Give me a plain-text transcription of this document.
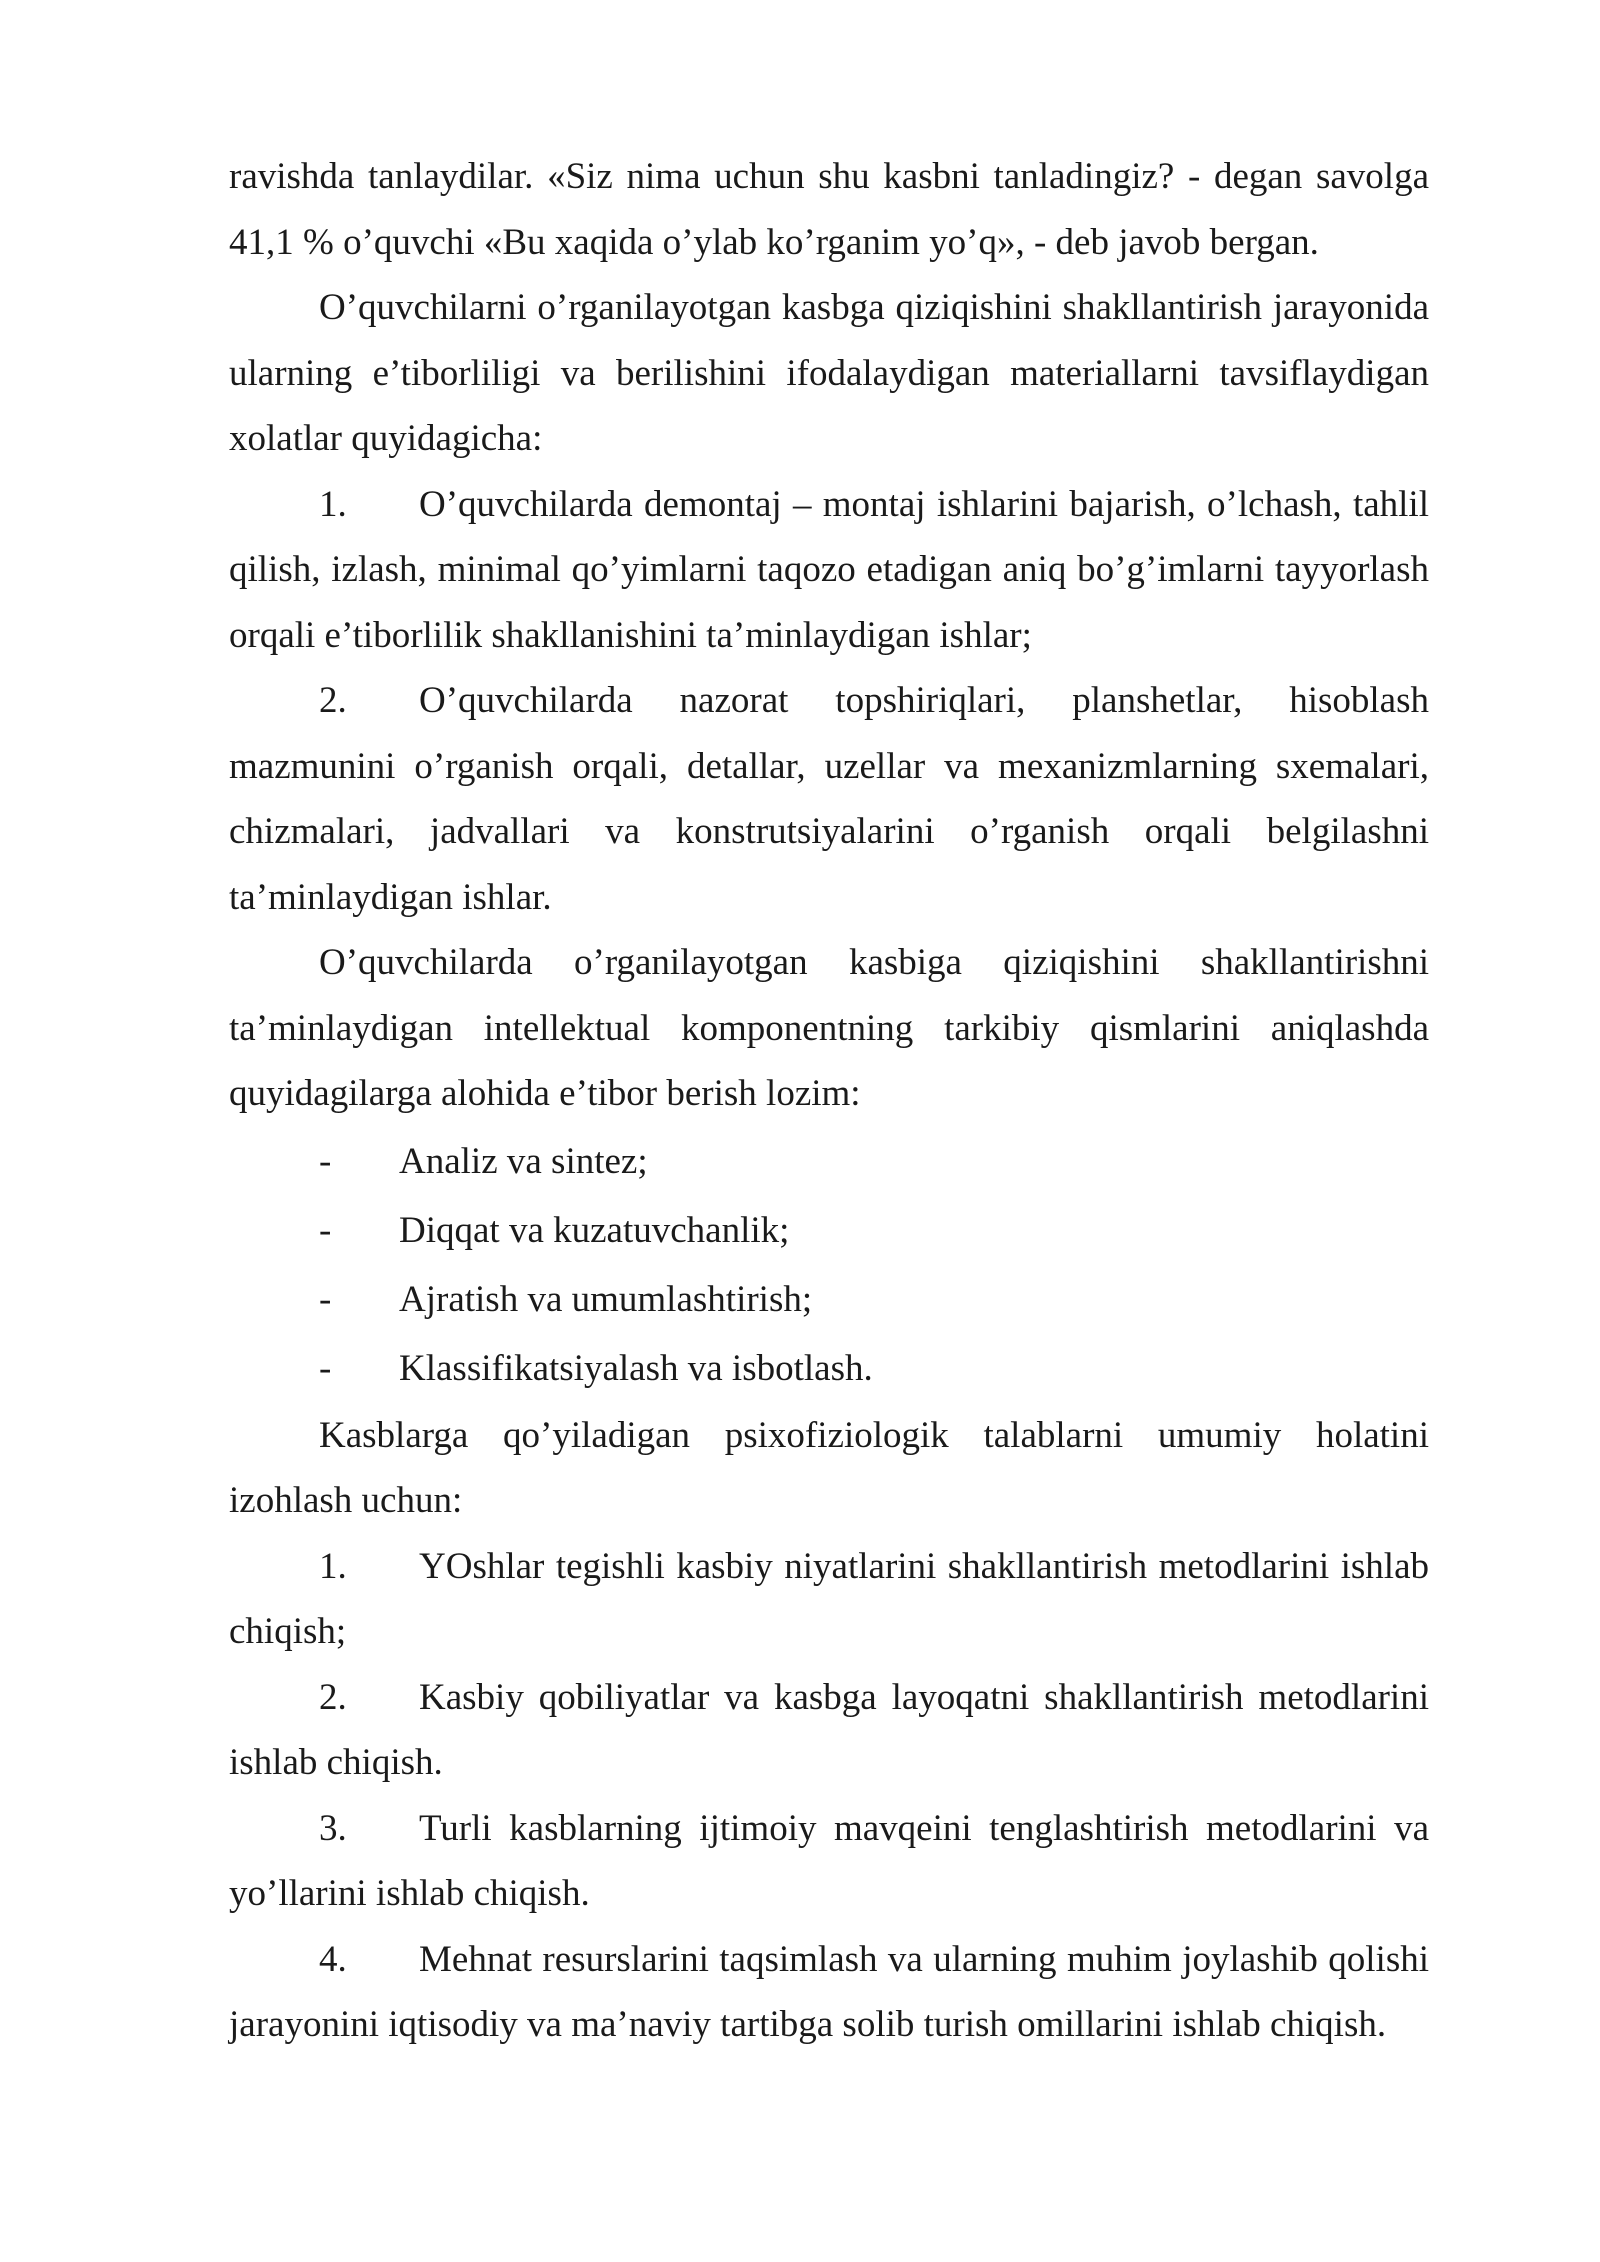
ravishda tanlaydilar. «Siz nima uchun shu kasbni tanladingiz? - degan savolga 41,1 % o’quvchi «Bu xaqida o’ylab ko’rganim yo’q», - deb javob bergan.

O’quvchilarni o’rganilayotgan kasbga qiziqishini shakllantirish jarayonida ularning e’tiborliligi va berilishini ifodalaydigan materiallarni tavsiflaydigan xolatlar quyidagicha:

1. O’quvchilarda demontaj – montaj ishlarini bajarish, o’lchash, tahlil qilish, izlash, minimal qo’yimlarni taqozo etadigan aniq bo’g’imlarni tayyorlash orqali e’tiborlilik shakllanishini ta’minlaydigan ishlar;

2. O’quvchilarda nazorat topshiriqlari, planshetlar, hisoblash mazmunini o’rganish orqali, detallar, uzellar va mexanizmlarning sxemalari, chizmalari, jadvallari va konstrutsiyalarini o’rganish orqali belgilashni ta’minlaydigan ishlar.

O’quvchilarda o’rganilayotgan kasbiga qiziqishini shakllantirishni ta’minlaydigan intellektual komponentning tarkibiy qismlarini aniqlashda quyidagilarga alohida e’tibor berish lozim:

- Analiz va sintez;

- Diqqat va kuzatuvchanlik;

- Ajratish va umumlashtirish;

- Klassifikatsiyalash va isbotlash.

Kasblarga qo’yiladigan psixofiziologik talablarni umumiy holatini izohlash uchun:

1. YOshlar tegishli kasbiy niyatlarini shakllantirish metodlarini ishlab chiqish;

2. Kasbiy qobiliyatlar va kasbga layoqatni shakllantirish metodlarini ishlab chiqish.

3. Turli kasblarning ijtimoiy mavqeini tenglashtirish metodlarini va yo’llarini ishlab chiqish.

4. Mehnat resurslarini taqsimlash va ularning muhim joylashib qolishi jarayonini iqtisodiy va ma’naviy tartibga solib turish omillarini ishlab chiqish.
